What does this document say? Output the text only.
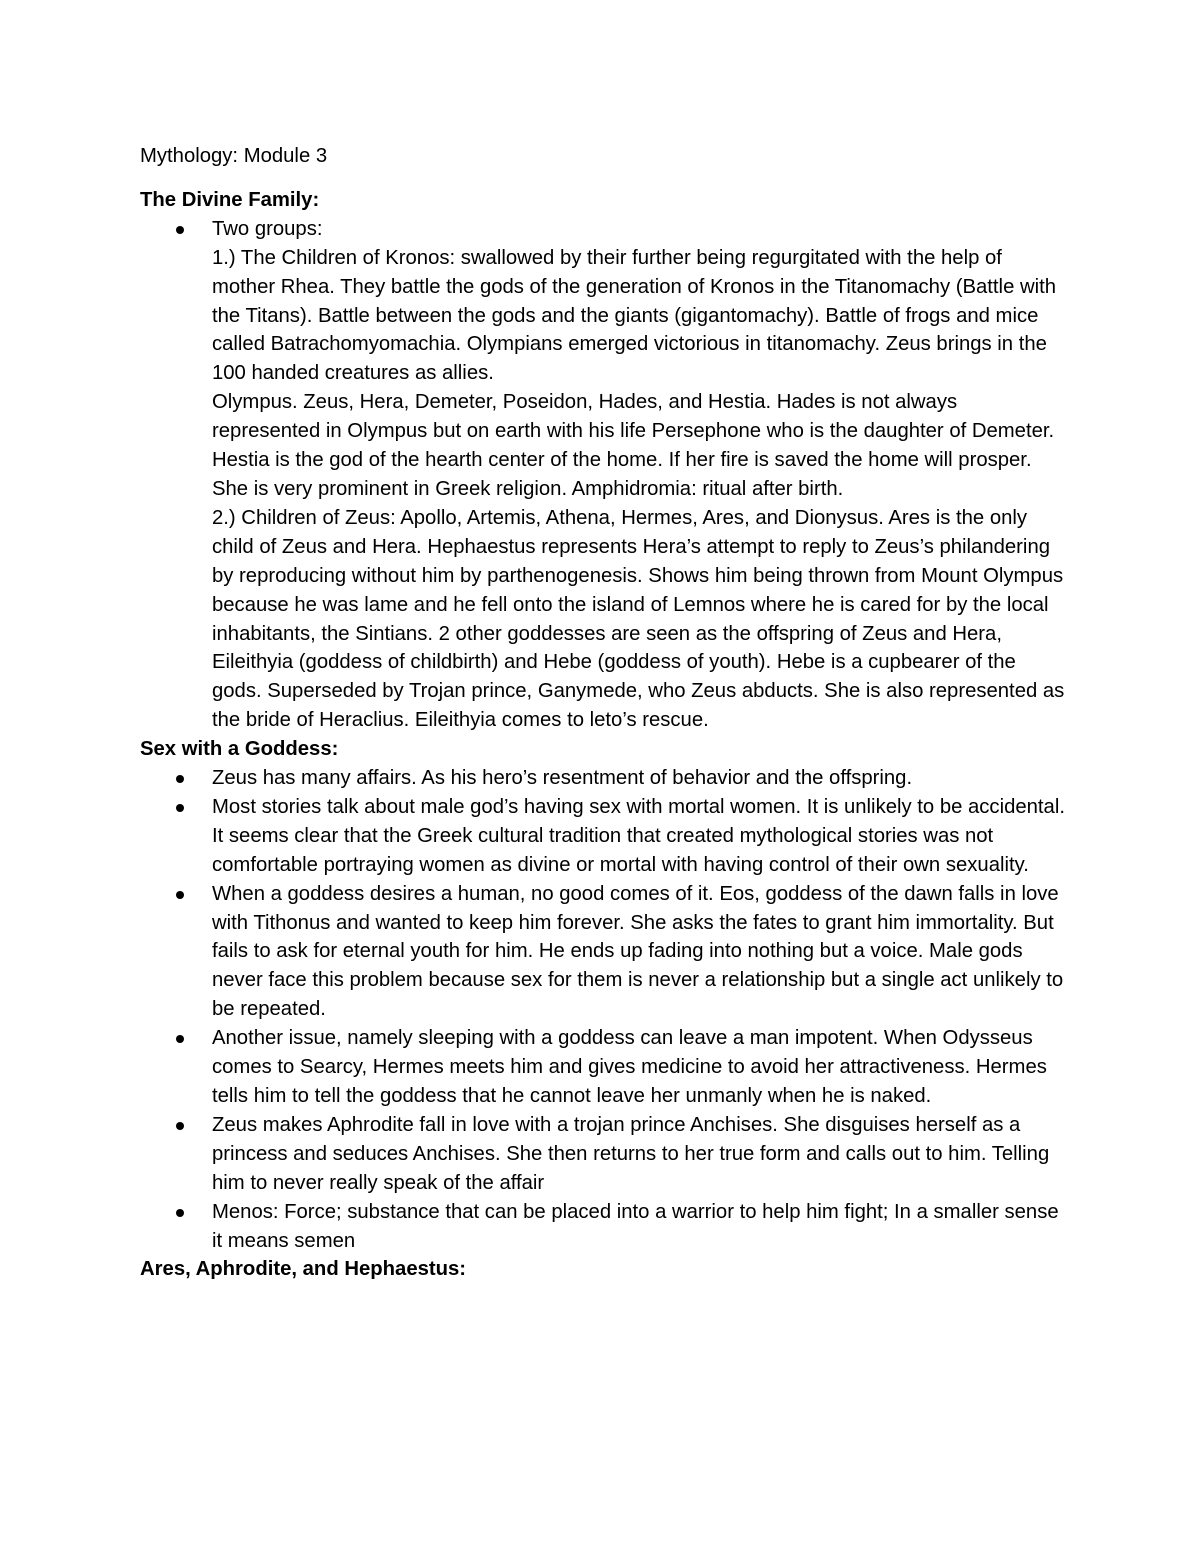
Mythology: Module 3

The Divine Family:

Two groups:
1.) The Children of Kronos: swallowed by their further being regurgitated with the help of mother Rhea. They battle the gods of the generation of Kronos in the Titanomachy (Battle with the Titans). Battle between the gods and the giants (gigantomachy). Battle of frogs and mice called Batrachomyomachia. Olympians emerged victorious in titanomachy. Zeus brings in the 100 handed creatures as allies.
Olympus. Zeus, Hera, Demeter, Poseidon, Hades, and Hestia. Hades is not always represented in Olympus but on earth with his life Persephone who is the daughter of Demeter. Hestia is the god of the hearth center of the home. If her fire is saved the home will prosper. She is very prominent in Greek religion. Amphidromia: ritual after birth.
2.) Children of Zeus: Apollo, Artemis, Athena, Hermes, Ares, and Dionysus. Ares is the only child of Zeus and Hera. Hephaestus represents Hera’s attempt to reply to Zeus’s philandering by reproducing without him by parthenogenesis. Shows him being thrown from Mount Olympus because he was lame and he fell onto the island of Lemnos where he is cared for by the local inhabitants, the Sintians. 2 other goddesses are seen as the offspring of Zeus and Hera, Eileithyia (goddess of childbirth) and Hebe (goddess of youth). Hebe is a cupbearer of the gods. Superseded by Trojan prince, Ganymede, who Zeus abducts. She is also represented as the bride of Heraclius. Eileithyia comes to leto’s rescue.

Sex with a Goddess:

Zeus has many affairs. As his hero’s resentment of behavior and the offspring.
Most stories talk about male god’s having sex with mortal women. It is unlikely to be accidental. It seems clear that the Greek cultural tradition that created mythological stories was not comfortable portraying women as divine or mortal with having control of their own sexuality.
When a goddess desires a human, no good comes of it. Eos, goddess of the dawn falls in love with Tithonus and wanted to keep him forever. She asks the fates to grant him immortality. But fails to ask for eternal youth for him. He ends up fading into nothing but a voice. Male gods never face this problem because sex for them is never a relationship but a single act unlikely to be repeated.
Another issue, namely sleeping with a goddess can leave a man impotent. When Odysseus comes to Searcy, Hermes meets him and gives medicine to avoid her attractiveness. Hermes tells him to tell the goddess that he cannot leave her unmanly when he is naked.
Zeus makes Aphrodite fall in love with a trojan prince Anchises. She disguises herself as a princess and seduces Anchises. She then returns to her true form and calls out to him. Telling him to never really speak of the affair
Menos: Force; substance that can be placed into a warrior to help him fight; In a smaller sense it means semen

Ares, Aphrodite, and Hephaestus:
